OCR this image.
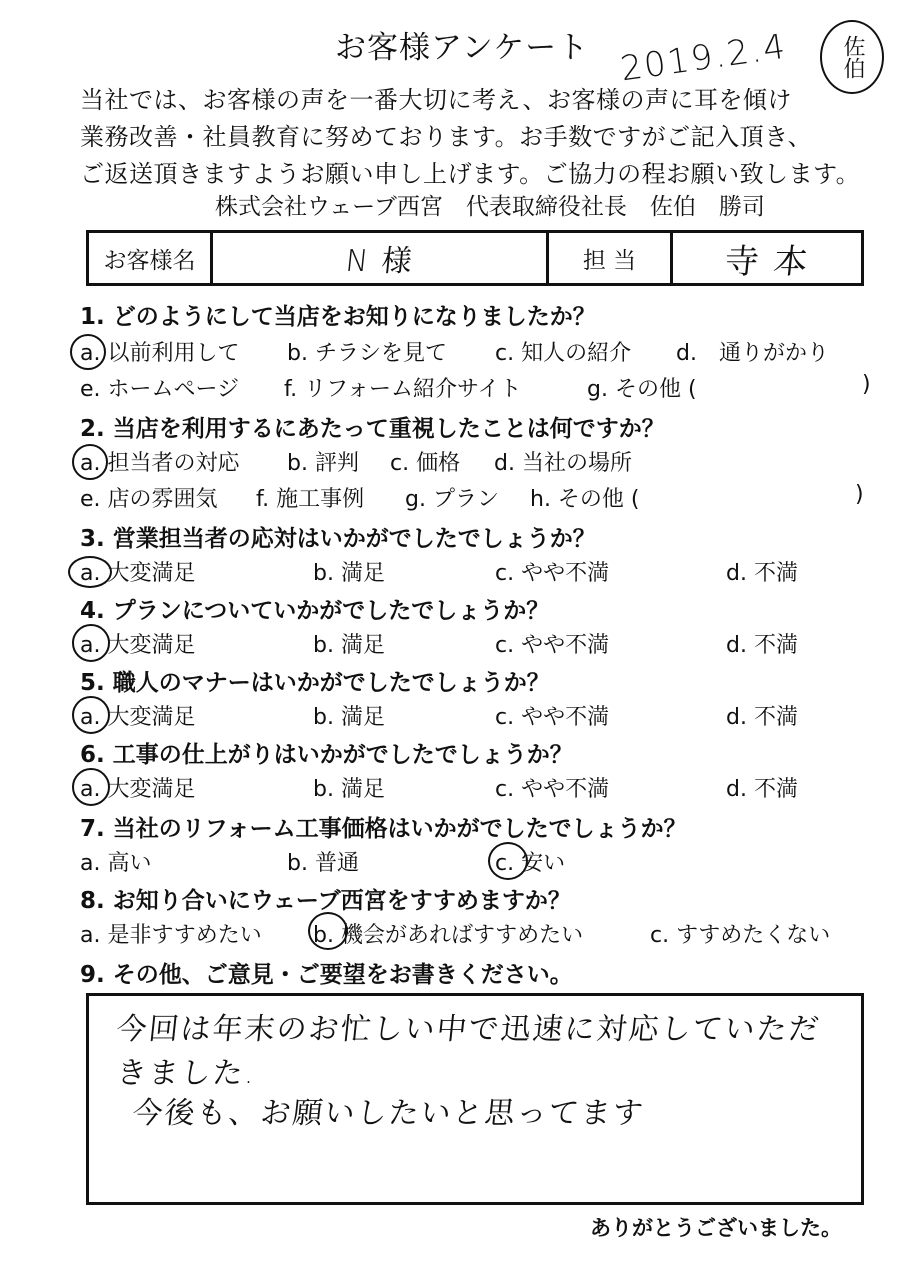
お客様アンケート 2019.2.4 佐伯
当社では、お客様の声を一番大切に考え、お客様の声に耳を傾け
業務改善・社員教育に努めております。お手数ですがご記入頂き、
ご返送頂きますようお願い申し上げます。ご協力の程お願い致します。
株式会社ウェーブ西宮　代表取締役社長　佐伯　勝司
お客様名	N 様	担 当	寺 本
1. どのようにして当店をお知りになりましたか？
a. 以前利用して b. チラシを見て c. 知人の紹介 d.　通りがかり
e. ホームページ f. リフォーム紹介サイト	g. その他 (	)
2. 当店を利用するにあたって重視したことは何ですか？
a. 担当者の対応 b. 評判 c. 価格 d. 当社の場所
e. 店の雰囲気 f. 施工事例 g. プラン h. その他 (	)
3. 営業担当者の応対はいかがでしたでしょうか？
a. 大変満足	b. 満足	c. やや不満	d. 不満
4. プランについていかがでしたでしょうか？
a. 大変満足	b. 満足	c. やや不満	d. 不満
5. 職人のマナーはいかがでしたでしょうか？
a. 大変満足	b. 満足	c. やや不満	d. 不満
6. 工事の仕上がりはいかがでしたでしょうか？
a. 大変満足	b. 満足	c. やや不満	d. 不満
7. 当社のリフォーム工事価格はいかがでしたでしょうか？
a. 高い	b. 普通	c. 安い
8. お知り合いにウェーブ西宮をすすめますか？
a. 是非すすめたい b. 機会があればすすめたい	c. すすめたくない
9. その他、ご意見・ご要望をお書きください。
今回は年末のお忙しい中で迅速に対応していただ
きました.
今後も、お願いしたいと思ってます
ありがとうございました。
